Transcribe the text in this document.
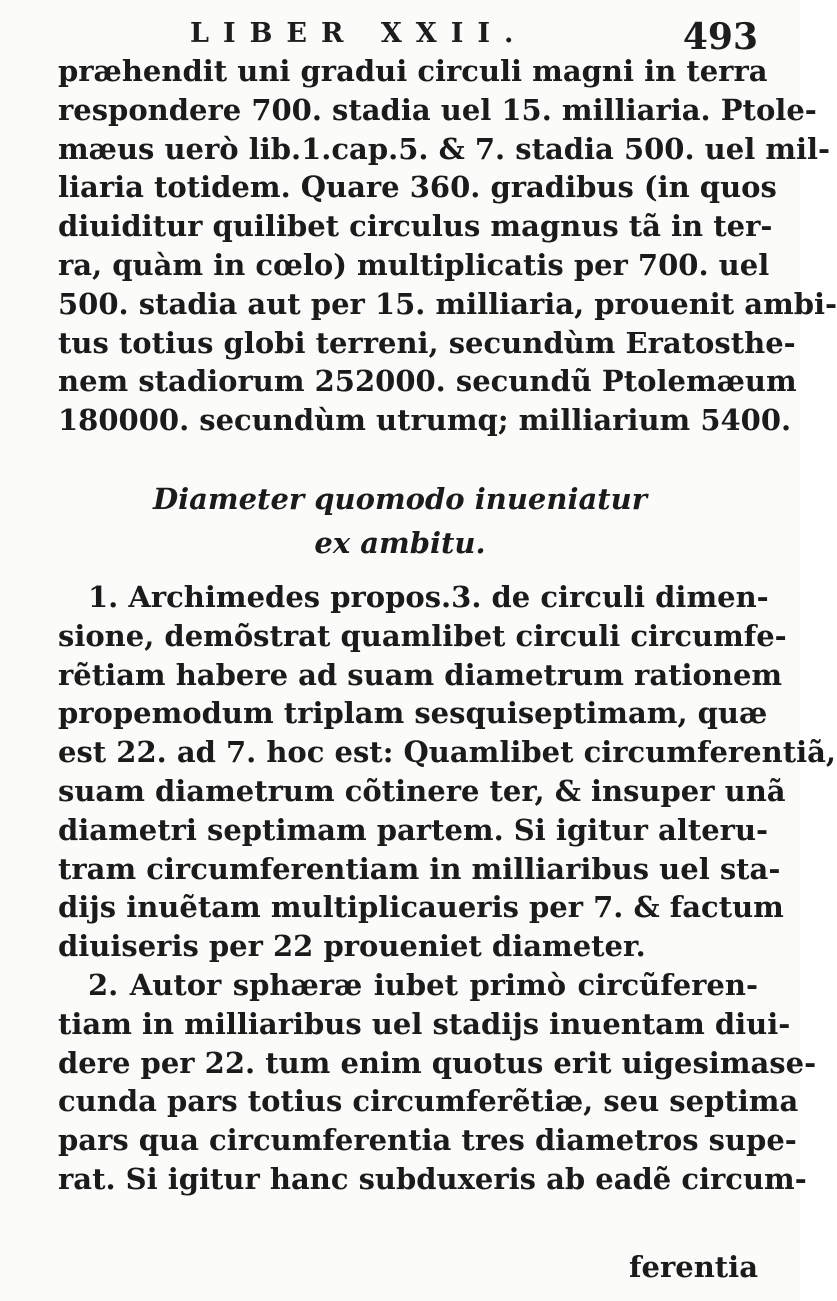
LIBER XXII.	493
præhendit uni gradui circuli magni in terra
respondere 700. stadia uel 15. milliaria. Ptole-
mæus uerò lib.1.cap.5. & 7. stadia 500. uel mil-
liaria totidem. Quare 360. gradibus (in quos
diuiditur quilibet circulus magnus tã in ter-
ra, quàm in cœlo) multiplicatis per 700. uel
500. stadia aut per 15. milliaria, prouenit ambi-
tus totius globi terreni, secundùm Eratosthe-
nem stadiorum 252000. secundũ Ptolemæum
180000. secundùm utrumq; milliarium 5400.
Diameter quomodo inueniatur
ex ambitu.
1. Archimedes propos.3. de circuli dimen-
sione, demõstrat quamlibet circuli circumfe-
rẽtiam habere ad suam diametrum rationem
propemodum triplam sesquiseptimam, quæ
est 22. ad 7. hoc est: Quamlibet circumferentiã,
suam diametrum cõtinere ter, & insuper unã
diametri septimam partem. Si igitur alteru-
tram circumferentiam in milliaribus uel sta-
dijs inuẽtam multiplicaueris per 7. & factum
diuiseris per 22 proueniet diameter.
2. Autor sphæræ iubet primò circũferen-
tiam in milliaribus uel stadijs inuentam diui-
dere per 22. tum enim quotus erit uigesimase-
cunda pars totius circumferẽtiæ, seu septima
pars qua circumferentia tres diametros supe-
rat. Si igitur hanc subduxeris ab eadẽ circum-
ferentia
